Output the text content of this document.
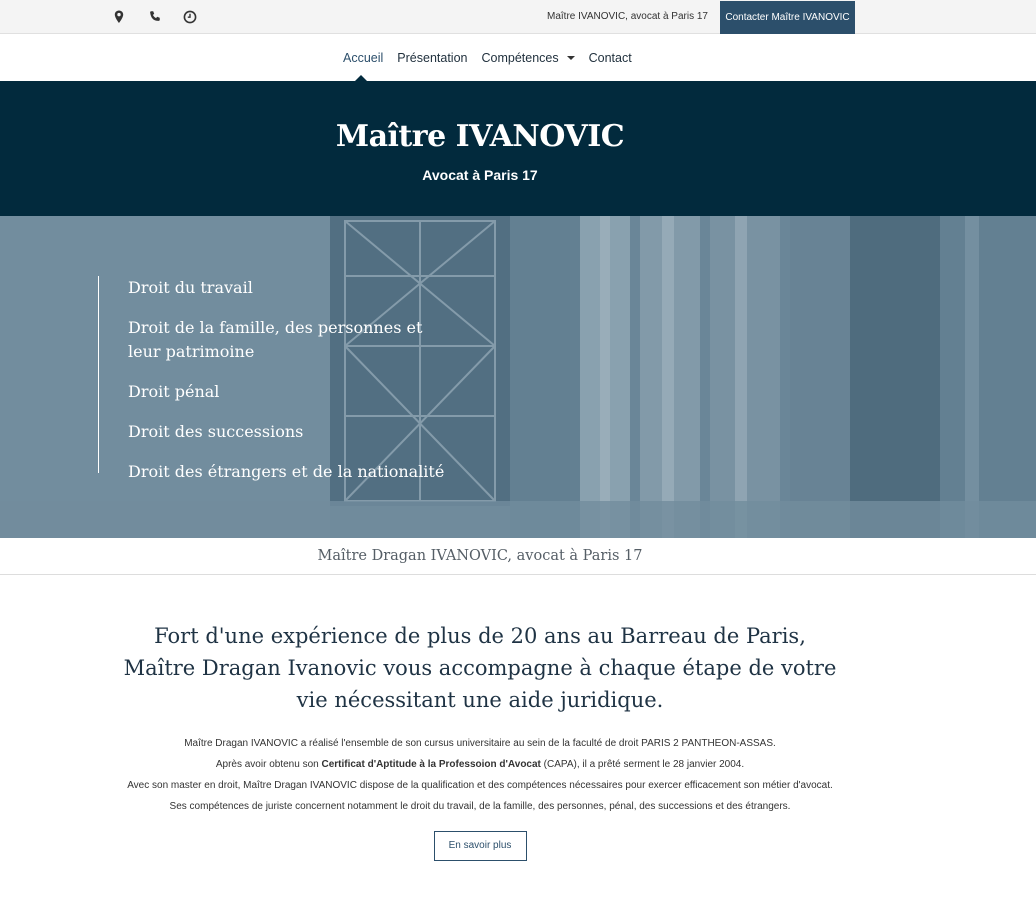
Maître IVANOVIC, avocat à Paris 17	Contacter Maître IVANOVIC
Accueil Présentation Compétences Contact
Maître IVANOVIC
Avocat à Paris 17
Droit du travail
Droit de la famille, des personnes et leur patrimoine
Droit pénal
Droit des successions
Droit des étrangers et de la nationalité
Maître Dragan IVANOVIC, avocat à Paris 17
Fort d'une expérience de plus de 20 ans au Barreau de Paris, Maître Dragan Ivanovic vous accompagne à chaque étape de votre vie nécessitant une aide juridique.
Maître Dragan IVANOVIC a réalisé l'ensemble de son cursus universitaire au sein de la faculté de droit PARIS 2 PANTHEON-ASSAS.
Après avoir obtenu son Certificat d'Aptitude à la Professoion d'Avocat (CAPA), il a prêté serment le 28 janvier 2004.
Avec son master en droit, Maître Dragan IVANOVIC dispose de la qualification et des compétences nécessaires pour exercer efficacement son métier d'avocat.
Ses compétences de juriste concernent notamment le droit du travail, de la famille, des personnes, pénal, des successions et des étrangers.
En savoir plus
